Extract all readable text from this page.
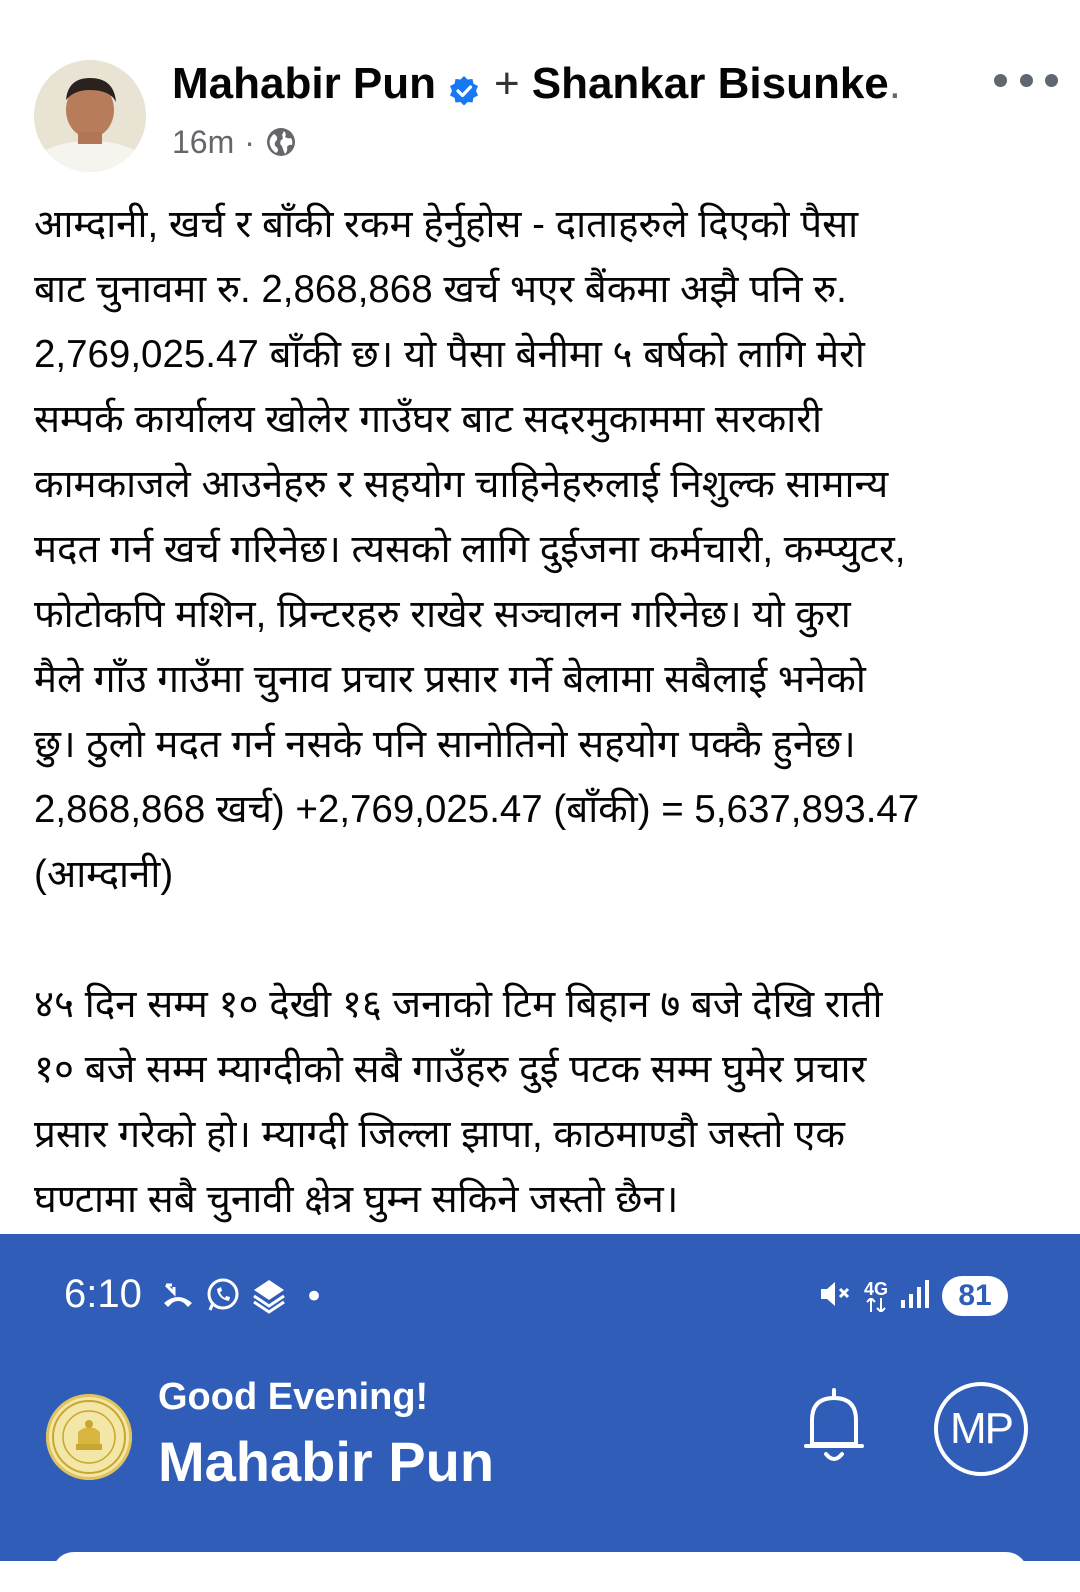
Mahabir Pun + Shankar Bisunke .
16m ·

आम्दानी, खर्च र बाँकी रकम हेर्नुहोस - दाताहरुले दिएको पैसा
बाट चुनावमा रु. 2,868,868 खर्च भएर बैंकमा अझै पनि रु.
2,769,025.47 बाँकी छ। यो पैसा बेनीमा ५ बर्षको लागि मेरो
सम्पर्क कार्यालय खोलेर गाउँघर बाट सदरमुकाममा सरकारी
कामकाजले आउनेहरु र सहयोग चाहिनेहरुलाई निशुल्क सामान्य
मदत गर्न खर्च गरिनेछ। त्यसको लागि दुईजना कर्मचारी, कम्प्युटर,
फोटोकपि मशिन, प्रिन्टरहरु राखेर सञ्चालन गरिनेछ। यो कुरा
मैले गाँउ गाउँमा चुनाव प्रचार प्रसार गर्ने बेलामा सबैलाई भनेको
छु। ठुलो मदत गर्न नसके पनि सानोतिनो सहयोग पक्कै हुनेछ।
2,868,868 खर्च) +2,769,025.47 (बाँकी) = 5,637,893.47
(आम्दानी)

४५ दिन सम्म १० देखी १६ जनाको टिम बिहान ७ बजे देखि राती
१० बजे सम्म म्याग्दीको सबै गाउँहरु दुई पटक सम्म घुमेर प्रचार
प्रसार गरेको हो। म्याग्दी जिल्ला झापा, काठमाण्डौ जस्तो एक
घण्टामा सबै चुनावी क्षेत्र घुम्न सकिने जस्तो छैन।

6:10	•	4G	81
Good Evening!
Mahabir Pun
MP
